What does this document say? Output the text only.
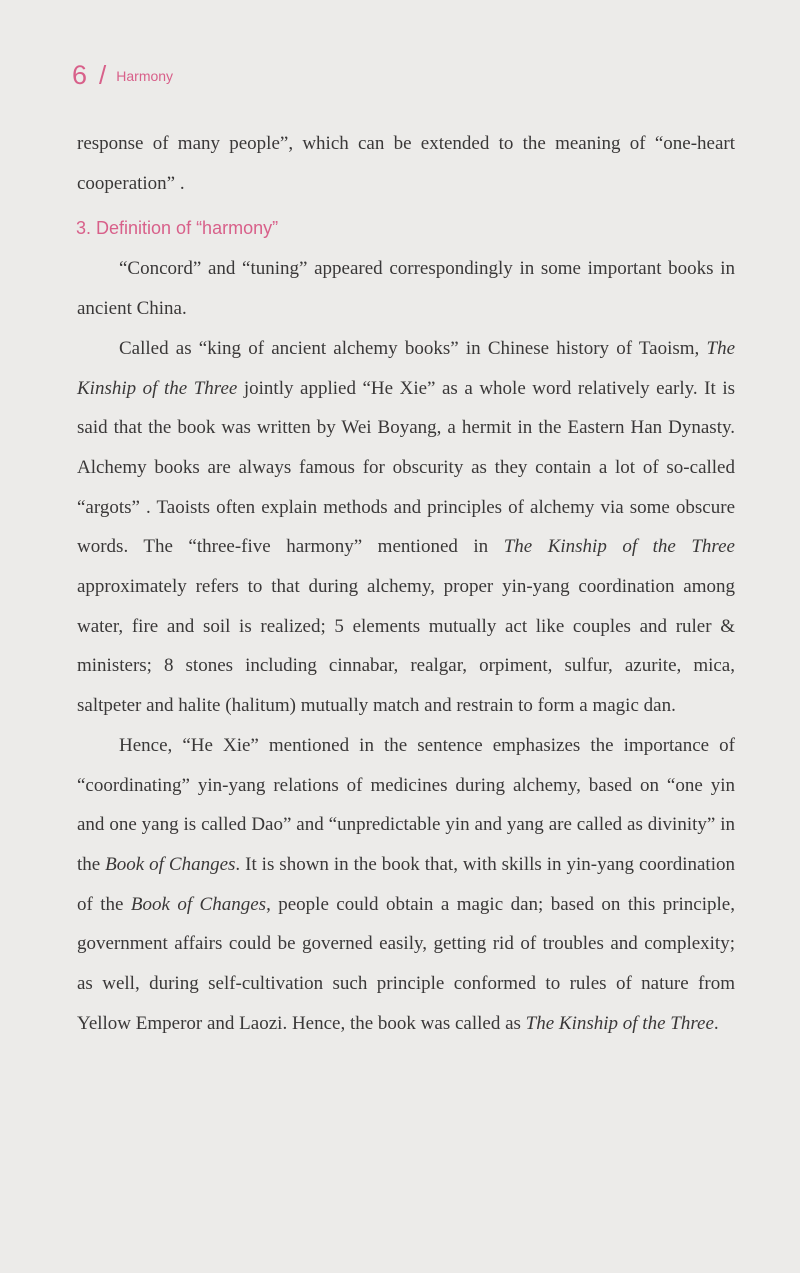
6 / Harmony

response of many people”, which can be extended to the meaning of “one-heart cooperation” .

3. Definition of “harmony”

“Concord” and “tuning” appeared correspondingly in some important books in ancient China.

Called as “king of ancient alchemy books” in Chinese history of Taoism, The Kinship of the Three jointly applied “He Xie” as a whole word relatively early. It is said that the book was written by Wei Boyang, a hermit in the Eastern Han Dynasty. Alchemy books are always famous for obscurity as they contain a lot of so-called “argots” . Taoists often explain methods and principles of alchemy via some obscure words. The “three-five harmony” mentioned in The Kinship of the Three approximately refers to that during alchemy, proper yin-yang coordination among water, fire and soil is realized; 5 elements mutually act like couples and ruler & ministers; 8 stones including cinnabar, realgar, orpiment, sulfur, azurite, mica, saltpeter and halite (halitum) mutually match and restrain to form a magic dan.

Hence, “He Xie” mentioned in the sentence emphasizes the importance of “coordinating” yin-yang relations of medicines during alchemy, based on “one yin and one yang is called Dao” and “unpredictable yin and yang are called as divinity” in the Book of Changes. It is shown in the book that, with skills in yin-yang coordination of the Book of Changes, people could obtain a magic dan; based on this principle, government affairs could be governed easily, getting rid of troubles and complexity; as well, during self-cultivation such principle conformed to rules of nature from Yellow Emperor and Laozi. Hence, the book was called as The Kinship of the Three.
